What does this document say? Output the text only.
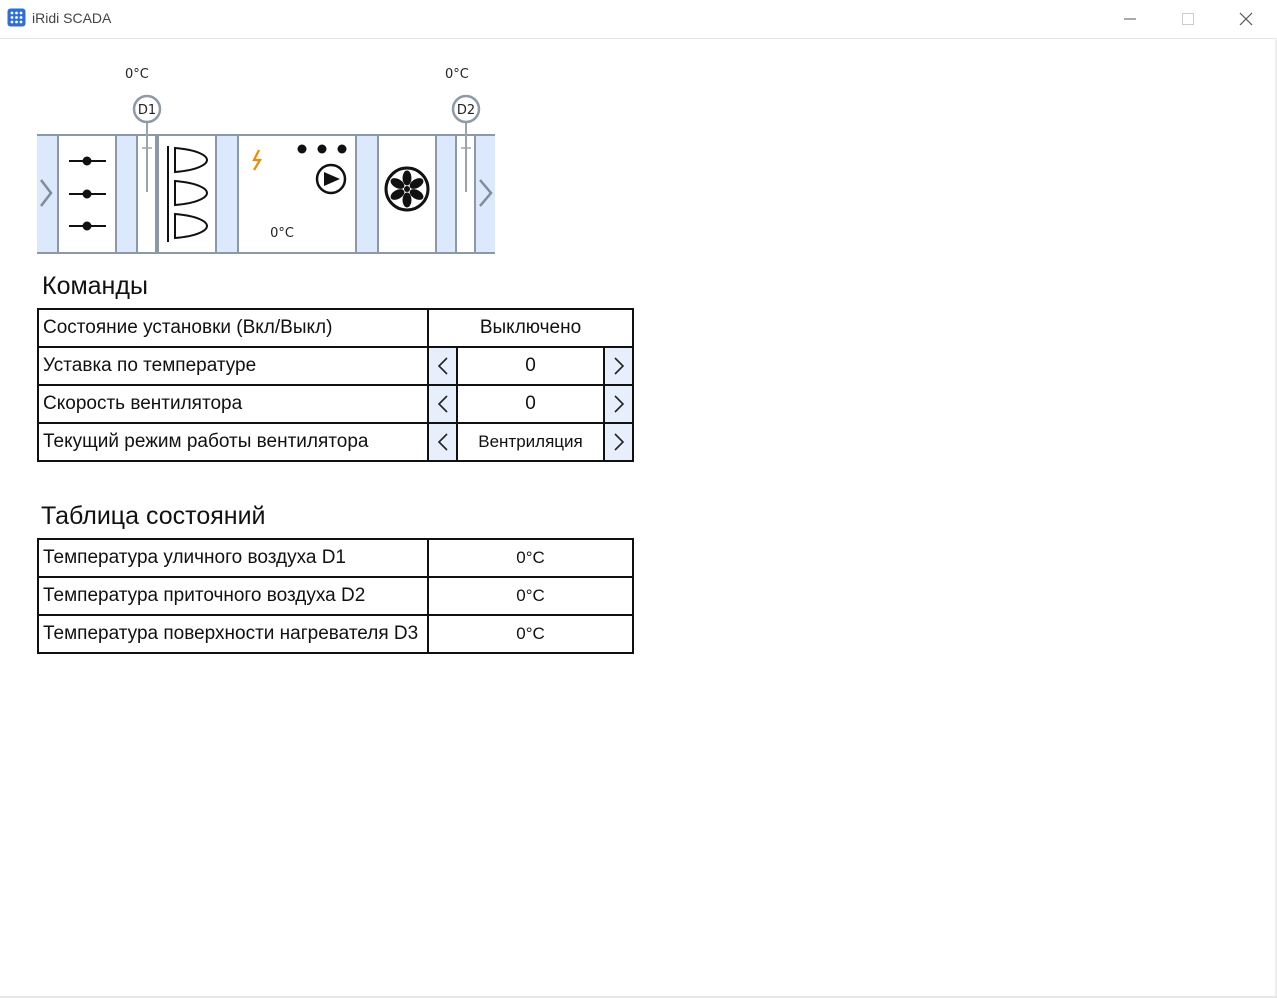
iRidi SCADA
0°C	0°C
D1
0°C
D2
Команды
Состояние установки (Вкл/Выкл)	Выключено		
Уставка по температуре		0	

Скорость вентилятора		0	

Текущий режим работы вентилятора		Вентриляция	
Таблица состояний
Температура уличного воздуха D1	0°C
Температура приточного воздуха D2	0°C
Температура поверхности нагревателя D3	0°C
